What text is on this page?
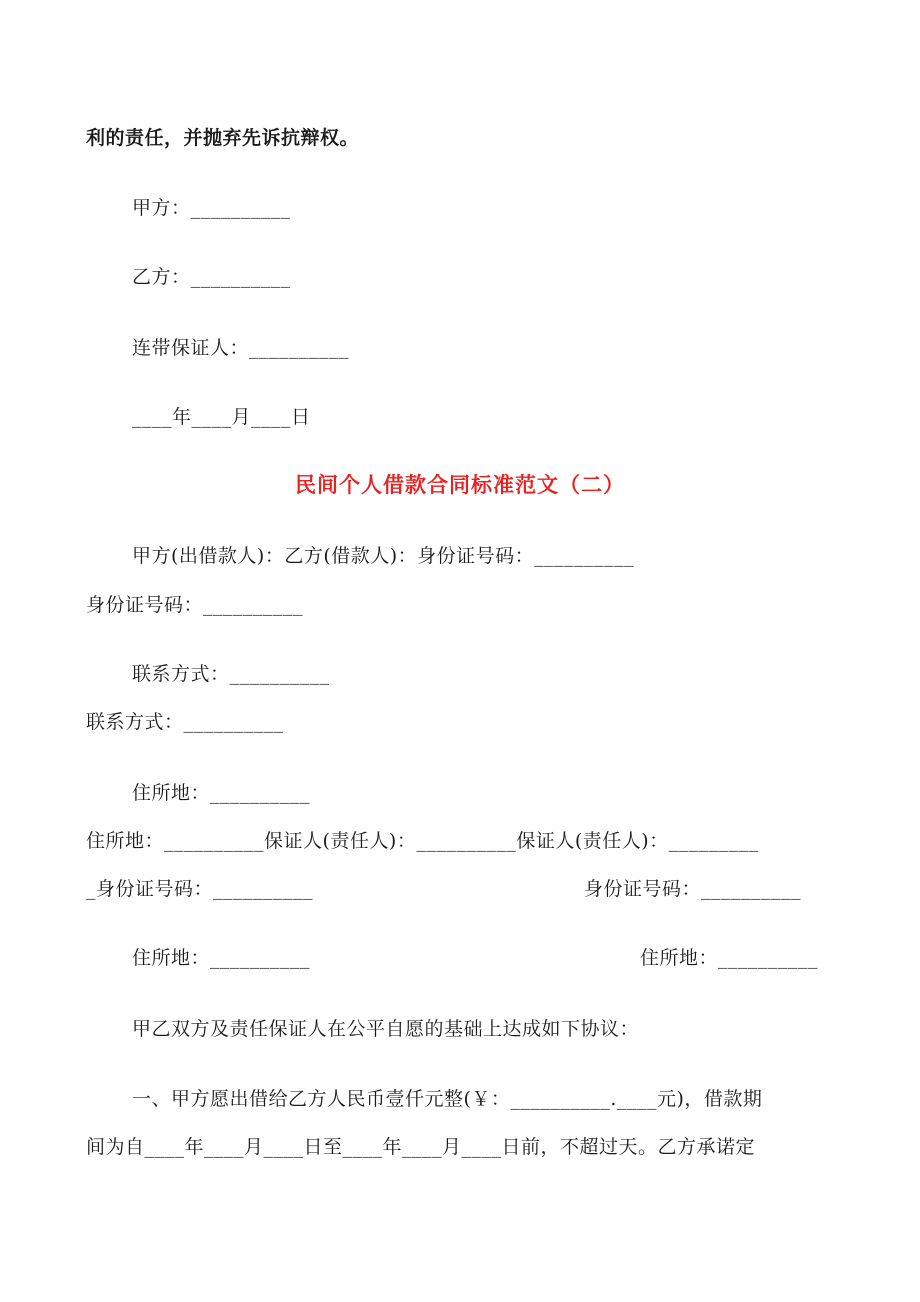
利的责任，并抛弃先诉抗辩权。
甲方：__________
乙方：__________
连带保证人：__________
____年____月____日
民间个人借款合同标准范文（二）
甲方(出借款人)：乙方(借款人)：身份证号码：__________
身份证号码：__________
联系方式：__________
联系方式：__________
住所地：__________
住所地：__________保证人(责任人)：__________保证人(责任人)：_________
_身份证号码：__________	身份证号码：__________
住所地：__________	住所地：__________
甲乙双方及责任保证人在公平自愿的基础上达成如下协议：
一、甲方愿出借给乙方人民币壹仟元整(￥：__________.____元)，借款期
间为自____年____月____日至____年____月____日前，不超过天。乙方承诺定
